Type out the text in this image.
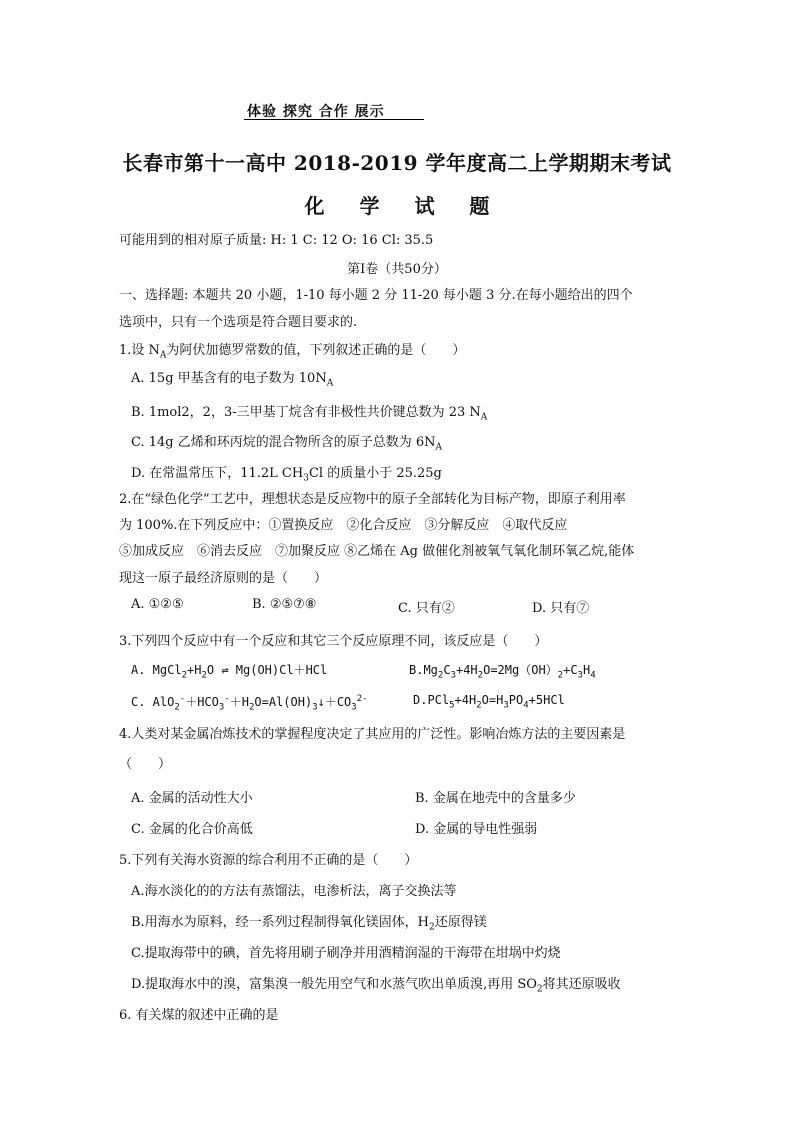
体验 探究 合作 展示
长春市第十一高中 2018-2019 学年度高二上学期期末考试
化 学 试 题
可能用到的相对原子质量: H: 1 C: 12 O: 16 Cl: 35.5
第Ⅰ卷（共50分）
一、选择题: 本题共 20 小题，1-10 每小题 2 分 11-20 每小题 3 分.在每小题给出的四个
选项中，只有一个选项是符合题目要求的.
1.设 $N_A$为阿伏加德罗常数的值，下列叙述正确的是（　　）
A. 15g 甲基含有的电子数为 $10N_A$
B. 1mol2，2，3-三甲基丁烷含有非极性共价键总数为 23 $N_A$
C. 14g 乙烯和环丙烷的混合物所含的原子总数为 $6N_A$
D. 在常温常压下，11.2L $CH_3Cl$ 的质量小于 25.25g
2.在“绿色化学”工艺中，理想状态是反应物中的原子全部转化为目标产物，即原子利用率
为 100%.在下列反应中：①置换反应　②化合反应　③分解反应　④取代反应
⑤加成反应　⑥消去反应　⑦加聚反应 ⑧乙烯在 Ag 做催化剂被氧气氧化制环氧乙烷,能体
现这一原子最经济原则的是（　　）
A. ①②⑤	B. ②⑤⑦⑧	C. 只有②	D. 只有⑦
3.下列四个反应中有一个反应和其它三个反应原理不同，该反应是（　　）
A. $MgCl_2+H_2O$ ⇌ Mg(OH)Cl＋HCl	$B.Mg_2C_3+4H_2O=2Mg(OH)_2+C_3H_4$
C. $AlO_2^-+HCO_3^-+H_2O=Al(OH)_3↓+CO_3^{2-}$	$D.PCl_5+4H_2O=H_3PO_4+5HCl$
4.人类对某金属冶炼技术的掌握程度决定了其应用的广泛性。影响冶炼方法的主要因素是
（　　）
A. 金属的活动性大小	B. 金属在地壳中的含量多少
C. 金属的化合价高低	D. 金属的导电性强弱
5.下列有关海水资源的综合利用不正确的是（　　）
A.海水淡化的的方法有蒸馏法，电渗析法，离子交换法等
B.用海水为原料，经一系列过程制得氧化镁固体，$H_2$还原得镁
C.提取海带中的碘，首先将用刷子刷净并用酒精润湿的干海带在坩埚中灼烧
D.提取海水中的溴，富集溴一般先用空气和水蒸气吹出单质溴,再用 $SO_2$将其还原吸收
6. 有关煤的叙述中正确的是
